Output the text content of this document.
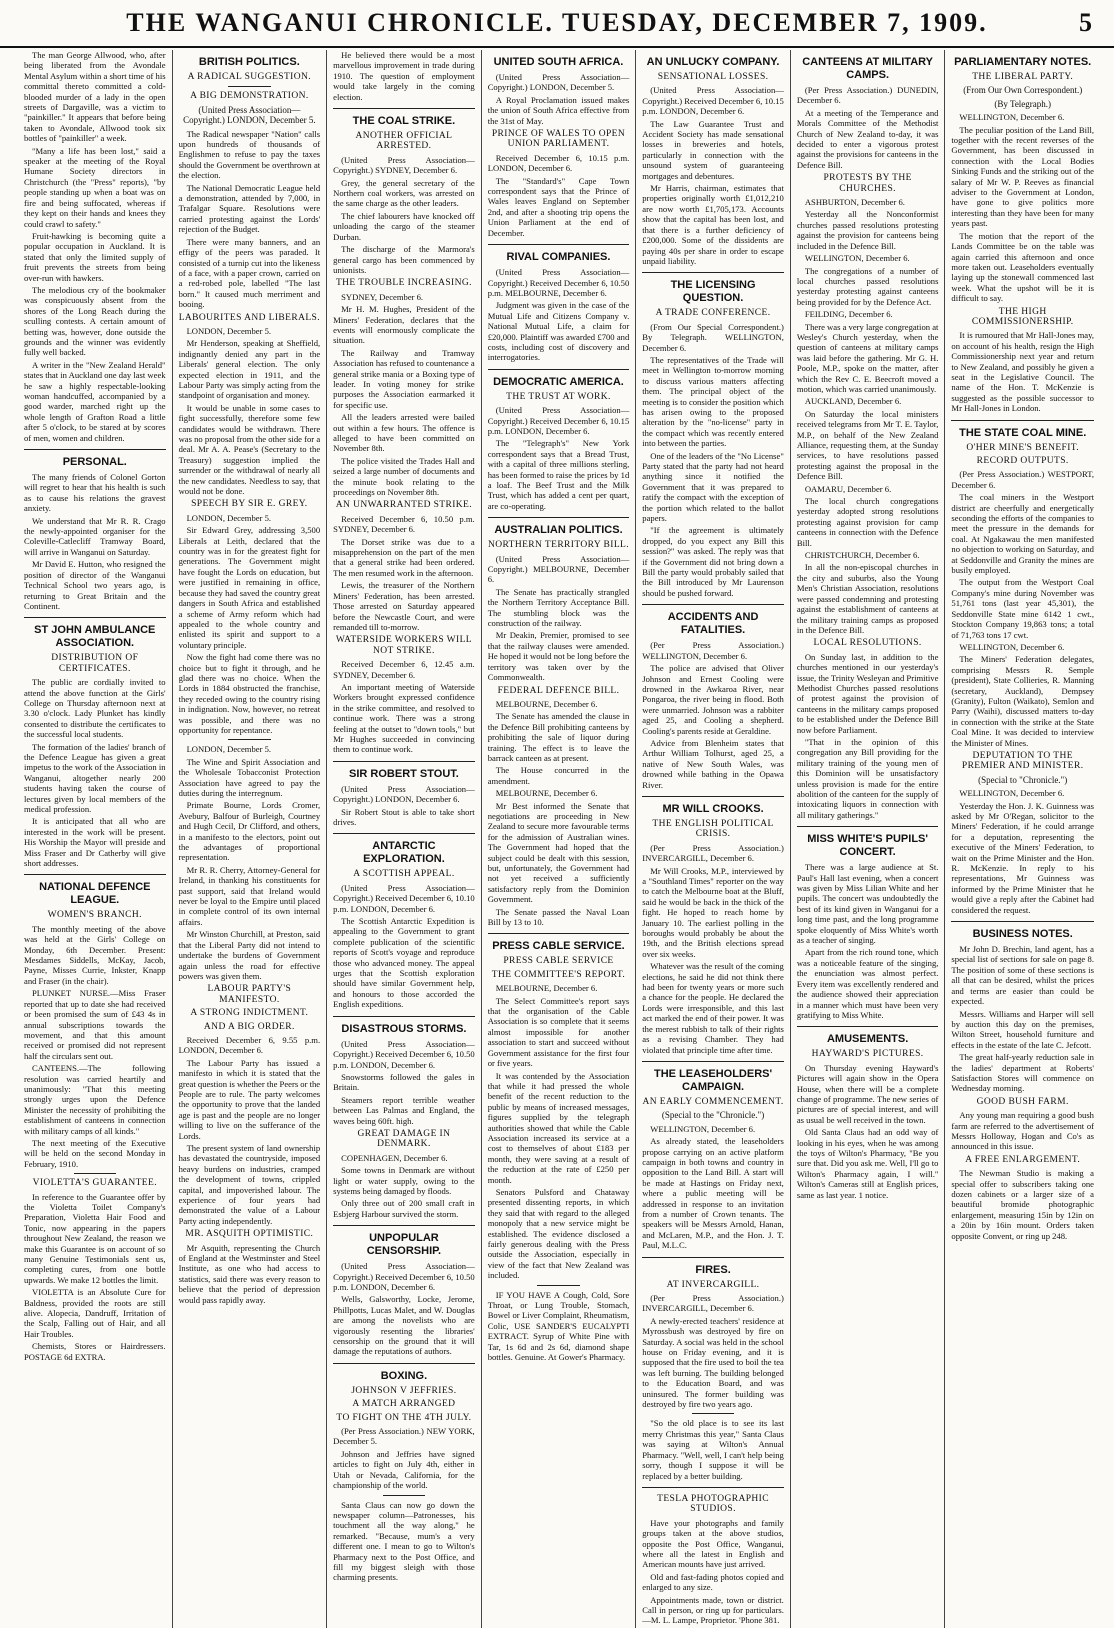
THE WANGANUI CHRONICLE. TUESDAY, DECEMBER 7, 1909.	5

The man George Allwood, who, after being liberated from the Avondale Mental Asylum within a short time of his committal thereto committed a cold-blooded murder of a lady in the open streets of Dargaville, was a victim to "painkiller." It appears that before being taken to Avondale, Allwood took six bottles of "painkiller" a week.

"Many a life has been lost," said a speaker at the meeting of the Royal Humane Society directors in Christchurch (the "Press" reports), "by people standing up when a boat was on fire and being suffocated, whereas if they kept on their hands and knees they could crawl to safety."

Fruit-hawking is becoming quite a popular occupation in Auckland. It is stated that only the limited supply of fruit prevents the streets from being over-run with hawkers.

The melodious cry of the bookmaker was conspicuously absent from the shores of the Long Reach during the sculling contests. A certain amount of betting was, however, done outside the grounds and the winner was evidently fully well backed.

A writer in the "New Zealand Herald" states that in Auckland one day last week he saw a highly respectable-looking woman handcuffed, accompanied by a good warder, marched right up the whole length of Grafton Road a little after 5 o'clock, to be stared at by scores of men, women and children.

PERSONAL.

The many friends of Colonel Gorton will regret to hear that his health is such as to cause his relations the gravest anxiety.

We understand that Mr R. R. Crago the newly-appointed organiser for the Coleville-Catlecliff Tramway Board, will arrive in Wanganui on Saturday.

Mr David E. Hutton, who resigned the position of director of the Wanganui Technical School two years ago, is returning to Great Britain and the Continent.

ST JOHN AMBULANCE ASSOCIATION.
DISTRIBUTION OF CERTIFICATES.

The public are cordially invited to attend the above function at the Girls' College on Thursday afternoon next at 3.30 o'clock. Lady Plunket has kindly consented to distribute the certificates to the successful local students.

The formation of the ladies' branch of the Defence League has given a great impetus to the work of the Association in Wanganui, altogether nearly 200 students having taken the course of lectures given by local members of the medical profession.

It is anticipated that all who are interested in the work will be present. His Worship the Mayor will preside and Miss Fraser and Dr Catherby will give short addresses.

NATIONAL DEFENCE LEAGUE.
WOMEN'S BRANCH.

The monthly meeting of the above was held at the Girls' College on Monday, 6th December. Present: Mesdames Siddells, McKay, Jacob, Payne, Misses Currie, Inkster, Knapp and Fraser (in the chair).

PLUNKET NURSE.—Miss Fraser reported that up to date she had received or been promised the sum of £43 4s in annual subscriptions towards the movement, and that this amount received or promised did not represent half the circulars sent out.

CANTEENS.—The following resolution was carried heartily and unanimously: "That this meeting strongly urges upon the Defence Minister the necessity of prohibiting the establishment of canteens in connection with military camps of all kinds."

The next meeting of the Executive will be held on the second Monday in February, 1910.

VIOLETTA'S GUARANTEE.

In reference to the Guarantee offer by the Violetta Toilet Company's Preparation, Violetta Hair Food and Tonic, now appearing in the papers throughout New Zealand, the reason we make this Guarantee is on account of so many Genuine Testimonials sent us, completing cures, from one bottle upwards. We make 12 bottles the limit.

VIOLETTA is an Absolute Cure for Baldness, provided the roots are still alive. Alopecia, Dandruff, Irritation of the Scalp, Falling out of Hair, and all Hair Troubles.

Chemists, Stores or Hairdressers. POSTAGE 6d EXTRA.

BRITISH POLITICS.
A RADICAL SUGGESTION.
A BIG DEMONSTRATION.
(United Press Association—Copyright.) LONDON, December 5.

The Radical newspaper "Nation" calls upon hundreds of thousands of Englishmen to refuse to pay the taxes should the Government be overthrown at the election.

The National Democratic League held a demonstration, attended by 7,000, in Trafalgar Square. Resolutions were carried protesting against the Lords' rejection of the Budget.

There were many banners, and an effigy of the peers was paraded. It consisted of a turnip cut into the likeness of a face, with a paper crown, carried on a red-robed pole, labelled "The last born." It caused much merriment and booing.

LABOURITES AND LIBERALS.

LONDON, December 5.

Mr Henderson, speaking at Sheffield, indignantly denied any part in the Liberals' general election. The only expected election in 1911, and the Labour Party was simply acting from the standpoint of organisation and money.

It would be unable in some cases to fight successfully, therefore some few candidates would be withdrawn. There was no proposal from the other side for a deal. Mr A. A. Pease's (Secretary to the Treasury) suggestion implied the surrender or the withdrawal of nearly all the new candidates. Needless to say, that would not be done.

SPEECH BY SIR E. GREY.

LONDON, December 5.

Sir Edward Grey, addressing 3,500 Liberals at Leith, declared that the country was in for the greatest fight for generations. The Government might have fought the Lords on education, but were justified in remaining in office, because they had saved the country great dangers in South Africa and established a scheme of Army reform which had appealed to the whole country and enlisted its spirit and support to a voluntary principle.

Now the fight had come there was no choice but to fight it through, and he glad there was no choice. When the Lords in 1884 obstructed the franchise, they receded owing to the country rising in indignation. Now, however, no retreat was possible, and there was no opportunity for repentance.

LONDON, December 5.

The Wine and Spirit Association and the Wholesale Tobacconist Protection Association have agreed to pay the duties during the interregnum.

Primate Bourne, Lords Cromer, Avebury, Balfour of Burleigh, Courtney and Hugh Cecil, Dr Clifford, and others, in a manifesto to the electors, point out the advantages of proportional representation.

Mr R. R. Cherry, Attorney-General for Ireland, in thanking his constituents for past support, said that Ireland would never be loyal to the Empire until placed in complete control of its own internal affairs.

Mr Winston Churchill, at Preston, said that the Liberal Party did not intend to undertake the burdens of Government again unless the road for effective powers was given them.

LABOUR PARTY'S MANIFESTO.
A STRONG INDICTMENT.
AND A BIG ORDER.

Received December 6, 9.55 p.m. LONDON, December 6.

The Labour Party has issued a manifesto in which it is stated that the great question is whether the Peers or the People are to rule. The party welcomes the opportunity to prove that the landed age is past and the people are no longer willing to live on the sufferance of the Lords.

The present system of land ownership has devastated the countryside, imposed heavy burdens on industries, cramped the development of towns, crippled capital, and impoverished labour. The experience of four years had demonstrated the value of a Labour Party acting independently.

MR. ASQUITH OPTIMISTIC.

Mr Asquith, representing the Church of England at the Westminster and Steel Institute, as one who had access to statistics, said there was every reason to believe that the period of depression would pass rapidly away.

He believed there would be a most marvellous improvement in trade during 1910. The question of employment would take largely in the coming election.

THE COAL STRIKE.
ANOTHER OFFICIAL ARRESTED.

(United Press Association—Copyright.) SYDNEY, December 6.

Grey, the general secretary of the Northern coal workers, was arrested on the same charge as the other leaders.

The chief labourers have knocked off unloading the cargo of the steamer Durban.

The discharge of the Marmora's general cargo has been commenced by unionists.

THE TROUBLE INCREASING.

SYDNEY, December 6.

Mr H. M. Hughes, President of the Miners' Federation, declares that the events will enormously complicate the situation.

The Railway and Tramway Association has refused to countenance a general strike mania or a Boxing type of leader. In voting money for strike purposes the Association earmarked it for specific use.

All the leaders arrested were bailed out within a few hours. The offence is alleged to have been committed on November 8th.

The police visited the Trades Hall and seized a large number of documents and the minute book relating to the proceedings on November 8th.

AN UNWARRANTED STRIKE.

Received December 6, 10.50 p.m. SYDNEY, December 6.

The Dorset strike was due to a misapprehension on the part of the men that a general strike had been ordered. The men resumed work in the afternoon.

Lewis, the treasurer of the Northern Miners' Federation, has been arrested. Those arrested on Saturday appeared before the Newcastle Court, and were remanded till to-morrow.

WATERSIDE WORKERS WILL NOT STRIKE.

Received December 6, 12.45 a.m. SYDNEY, December 6.

An important meeting of Waterside Workers brought expressed confidence in the strike committee, and resolved to continue work. There was a strong feeling at the outset to "down tools," but Mr Hughes succeeded in convincing them to continue work.

SIR ROBERT STOUT.

(United Press Association—Copyright.) LONDON, December 6.

Sir Robert Stout is able to take short drives.

ANTARCTIC EXPLORATION.
A SCOTTISH APPEAL.

(United Press Association—Copyright.) Received December 6, 10.10 p.m. LONDON, December 6.

The Scottish Antarctic Expedition is appealing to the Government to grant complete publication of the scientific reports of Scott's voyage and reproduce those who advanced money. The appeal urges that the Scottish exploration should have similar Government help, and honours to those accorded the English expeditions.

DISASTROUS STORMS.

(United Press Association—Copyright.) Received December 6, 10.50 p.m. LONDON, December 6.

Snowstorms followed the gales in Britain.

Steamers report terrible weather between Las Palmas and England, the waves being 60ft. high.

GREAT DAMAGE IN DENMARK.

COPENHAGEN, December 6.

Some towns in Denmark are without light or water supply, owing to the systems being damaged by floods.

Only three out of 200 small craft in Esbjerg Harbour survived the storm.

UNPOPULAR CENSORSHIP.

(United Press Association—Copyright.) Received December 6, 10.50 p.m. LONDON, December 6.

Wells, Galsworthy, Locke, Jerome, Phillpotts, Lucas Malet, and W. Douglas are among the novelists who are vigorously resenting the libraries' censorship on the ground that it will damage the reputations of authors.

BOXING.
JOHNSON V JEFFRIES.
A MATCH ARRANGED
TO FIGHT ON THE 4TH JULY.

(Per Press Association.) NEW YORK, December 5.

Johnson and Jeffries have signed articles to fight on July 4th, either in Utah or Nevada, California, for the championship of the world.

Santa Claus can now go down the newspaper column—Patronesses, his touchment all the way along," he remarked. "Because, mum's a very different one. I mean to go to Wilton's Pharmacy next to the Post Office, and fill my biggest sleigh with those charming presents.

UNITED SOUTH AFRICA.

(United Press Association—Copyright.) LONDON, December 5.

A Royal Proclamation issued makes the union of South Africa effective from the 31st of May.

PRINCE OF WALES TO OPEN UNION PARLIAMENT.

Received December 6, 10.15 p.m. LONDON, December 6.

The "Standard's" Cape Town correspondent says that the Prince of Wales leaves England on September 2nd, and after a shooting trip opens the Union Parliament at the end of December.

RIVAL COMPANIES.

(United Press Association—Copyright.) Received December 6, 10.50 p.m. MELBOURNE, December 6.

Judgment was given in the case of the Mutual Life and Citizens Company v. National Mutual Life, a claim for £20,000. Plaintiff was awarded £700 and costs, including cost of discovery and interrogatories.

DEMOCRATIC AMERICA.
THE TRUST AT WORK.

(United Press Association—Copyright.) Received December 6, 10.15 p.m. LONDON, December 6.

The "Telegraph's" New York correspondent says that a Bread Trust, with a capital of three millions sterling, has been formed to raise the prices by 1d a loaf. The Beef Trust and the Milk Trust, which has added a cent per quart, are co-operating.

AUSTRALIAN POLITICS.
NORTHERN TERRITORY BILL.

(United Press Association—Copyright.) MELBOURNE, December 6.

The Senate has practically strangled the Northern Territory Acceptance Bill. The stumbling block was the construction of the railway.

Mr Deakin, Premier, promised to see that the railway clauses were amended. He hoped it would not be long before the territory was taken over by the Commonwealth.

FEDERAL DEFENCE BILL.

MELBOURNE, December 6.

The Senate has amended the clause in the Defence Bill prohibiting canteens by prohibiting the sale of liquor during training. The effect is to leave the barrack canteen as at present.

The House concurred in the amendment.

MELBOURNE, December 6.

Mr Best informed the Senate that negotiations are proceeding in New Zealand to secure more favourable terms for the admission of Australian wines. The Government had hoped that the subject could be dealt with this session, but, unfortunately, the Government had not yet received a sufficiently satisfactory reply from the Dominion Government.

The Senate passed the Naval Loan Bill by 13 to 10.

PRESS CABLE SERVICE.
PRESS CABLE SERVICE
THE COMMITTEE'S REPORT.

MELBOURNE, December 6.

The Select Committee's report says that the organisation of the Cable Association is so complete that it seems almost impossible for another association to start and succeed without Government assistance for the first four or five years.

It was contended by the Association that while it had pressed the whole benefit of the recent reduction to the public by means of increased messages, figures supplied by the telegraph authorities showed that while the Cable Association increased its service at a cost to themselves of about £183 per month, they were saving at a result of the reduction at the rate of £250 per month.

Senators Pulsford and Chataway presented dissenting reports, in which they said that with regard to the alleged monopoly that a new service might be established. The evidence disclosed a fairly generous dealing with the Press outside the Association, especially in view of the fact that New Zealand was included.

IF YOU HAVE A Cough, Cold, Sore Throat, or Lung Trouble, Stomach, Bowel or Liver Complaint, Rheumatism, Colic, USE SANDER'S EUCALYPTI EXTRACT. Syrup of White Pine with Tar, 1s 6d and 2s 6d, diamond shape bottles. Genuine. At Gower's Pharmacy.

AN UNLUCKY COMPANY.
SENSATIONAL LOSSES.

(United Press Association—Copyright.) Received December 6, 10.15 p.m. LONDON, December 6.

The Law Guarantee Trust and Accident Society has made sensational losses in breweries and hotels, particularly in connection with the unsound system of guaranteeing mortgages and debentures.

Mr Harris, chairman, estimates that properties originally worth £1,012,210 are now worth £1,705,173. Accounts show that the capital has been lost, and that there is a further deficiency of £200,000. Some of the dissidents are paying 40s per share in order to escape unpaid liability.

THE LICENSING QUESTION.
A TRADE CONFERENCE.

(From Our Special Correspondent.) By Telegraph. WELLINGTON, December 6.

The representatives of the Trade will meet in Wellington to-morrow morning to discuss various matters affecting them. The principal object of the meeting is to consider the position which has arisen owing to the proposed alteration by the "no-license" party in the compact which was recently entered into between the parties.

One of the leaders of the "No License" Party stated that the party had not heard anything since it notified the Government that it was prepared to ratify the compact with the exception of the portion which related to the ballot papers.

"If the agreement is ultimately dropped, do you expect any Bill this session?" was asked. The reply was that if the Government did not bring down a Bill the party would probably sailed that the Bill introduced by Mr Laurenson should be pushed forward.

ACCIDENTS AND FATALITIES.

(Per Press Association.) WELLINGTON, December 6.

The police are advised that Oliver Johnson and Ernest Cooling were drowned in the Awkaroa River, near Pongaroa, the river being in flood. Both were unmarried. Johnson was a rabbiter aged 25, and Cooling a shepherd. Cooling's parents reside at Geraldine.

Advice from Blenheim states that Arthur William Tolhurst, aged 25, a native of New South Wales, was drowned while bathing in the Opawa River.

MR WILL CROOKS.
THE ENGLISH POLITICAL CRISIS.

(Per Press Association.) INVERCARGILL, December 6.

Mr Will Crooks, M.P., interviewed by a "Southland Times" reporter on the way to catch the Melbourne boat at the Bluff, said he would be back in the thick of the fight. He hoped to reach home by January 10. The earliest polling in the boroughs would probably be about the 19th, and the British elections spread over six weeks.

Whatever was the result of the coming elections, he said he did not think there had been for twenty years or more such a chance for the people. He declared the Lords were irresponsible, and this last act marked the end of their power. It was the merest rubbish to talk of their rights as a revising Chamber. They had violated that principle time after time.

THE LEASEHOLDERS' CAMPAIGN.
AN EARLY COMMENCEMENT.
(Special to the "Chronicle.")

WELLINGTON, December 6.

As already stated, the leaseholders propose carrying on an active platform campaign in both towns and country in opposition to the Land Bill. A start will be made at Hastings on Friday next, where a public meeting will be addressed in response to an invitation from a number of Crown tenants. The speakers will be Messrs Arnold, Hanan, and McLaren, M.P., and the Hon. J. T. Paul, M.L.C.

FIRES.
AT INVERCARGILL.

(Per Press Association.) INVERCARGILL, December 6.

A newly-erected teachers' residence at Myrossbush was destroyed by fire on Saturday. A social was held in the school house on Friday evening, and it is supposed that the fire used to boil the tea was left burning. The building belonged to the Education Board, and was uninsured. The former building was destroyed by fire two years ago.

"So the old place is to see its last merry Christmas this year," Santa Claus was saying at Wilton's Annual Pharmacy. "Well, well, I can't help being sorry, though I suppose it will be replaced by a better building.

TESLA PHOTOGRAPHIC STUDIOS.

Have your photographs and family groups taken at the above studios, opposite the Post Office, Wanganui, where all the latest in English and American mounts have just arrived.

Old and fast-fading photos copied and enlarged to any size.

Appointments made, town or district. Call in person, or ring up for particulars.—M. L. Lampe, Proprietor. 'Phone 381.

CANTEENS AT MILITARY CAMPS.

(Per Press Association.) DUNEDIN, December 6.

At a meeting of the Temperance and Morals Committee of the Methodist Church of New Zealand to-day, it was decided to enter a vigorous protest against the provisions for canteens in the Defence Bill.

PROTESTS BY THE CHURCHES.

ASHBURTON, December 6.

Yesterday all the Nonconformist churches passed resolutions protesting against the provision for canteens being included in the Defence Bill.

WELLINGTON, December 6.

The congregations of a number of local churches passed resolutions yesterday protesting against canteens being provided for by the Defence Act.

FEILDING, December 6.

There was a very large congregation at Wesley's Church yesterday, when the question of canteens at military camps was laid before the gathering. Mr G. H. Poole, M.P., spoke on the matter, after which the Rev C. E. Beecroft moved a motion, which was carried unanimously.

AUCKLAND, December 6.

On Saturday the local ministers received telegrams from Mr T. E. Taylor, M.P., on behalf of the New Zealand Alliance, requesting them, at the Sunday services, to have resolutions passed protesting against the proposal in the Defence Bill.

OAMARU, December 6.

The local church congregations yesterday adopted strong resolutions protesting against provision for camp canteens in connection with the Defence Bill.

CHRISTCHURCH, December 6.

In all the non-episcopal churches in the city and suburbs, also the Young Men's Christian Association, resolutions were passed condemning and protesting against the establishment of canteens at the military training camps as proposed in the Defence Bill.

LOCAL RESOLUTIONS.

On Sunday last, in addition to the churches mentioned in our yesterday's issue, the Trinity Wesleyan and Primitive Methodist Churches passed resolutions of protest against the provision of canteens in the military camps proposed to be established under the Defence Bill now before Parliament.

"That in the opinion of this congregation any Bill providing for the military training of the young men of this Dominion will be unsatisfactory unless provision is made for the entire abolition of the canteen for the supply of intoxicating liquors in connection with all military gatherings."

MISS WHITE'S PUPILS' CONCERT.

There was a large audience at St. Paul's Hall last evening, when a concert was given by Miss Lilian White and her pupils. The concert was undoubtedly the best of its kind given in Wanganui for a long time past, and the long programme spoke eloquently of Miss White's worth as a teacher of singing.

Apart from the rich round tone, which was a noticeable feature of the singing, the enunciation was almost perfect. Every item was excellently rendered and the audience showed their appreciation in a manner which must have been very gratifying to Miss White.

AMUSEMENTS.
HAYWARD'S PICTURES.

On Thursday evening Hayward's Pictures will again show in the Opera House, when there will be a complete change of programme. The new series of pictures are of special interest, and will as usual be well received in the town.

Old Santa Claus had an odd way of looking in his eyes, when he was among the toys of Wilton's Pharmacy, "Be you sure that. Did you ask me. Well, I'll go to Wilton's Pharmacy again, I will." Wilton's Cameras still at English prices, same as last year. 1 notice.

PARLIAMENTARY NOTES.
THE LIBERAL PARTY.
(From Our Own Correspondent.)
(By Telegraph.)

WELLINGTON, December 6.

The peculiar position of the Land Bill, together with the recent reverses of the Government, has been discussed in connection with the Local Bodies Sinking Funds and the striking out of the salary of Mr W. P. Reeves as financial adviser to the Government at London, have gone to give politics more interesting than they have been for many years past.

The motion that the report of the Lands Committee be on the table was again carried this afternoon and once more taken out. Leaseholders eventually laying up the stonewall commenced last week. What the upshot will be it is difficult to say.

THE HIGH COMMISSIONERSHIP.

It is rumoured that Mr Hall-Jones may, on account of his health, resign the High Commissionership next year and return to New Zealand, and possibly he given a seat in the Legislative Council. The name of the Hon. T. McKenzie is suggested as the possible successor to Mr Hall-Jones in London.

THE STATE COAL MINE.
O'HER MINE'S BENEFIT.
RECORD OUTPUTS.

(Per Press Association.) WESTPORT, December 6.

The coal miners in the Westport district are cheerfully and energetically seconding the efforts of the companies to meet the pressure in the demands for coal. At Ngakawau the men manifested no objection to working on Saturday, and at Seddonville and Granity the mines are busily employed.

The output from the Westport Coal Company's mine during November was 51,761 tons (last year 45,301), the Seddonville State mine 6142 1 cwt., Stockton Company 19,863 tons; a total of 71,763 tons 17 cwt.

WELLINGTON, December 6.

The Miners' Federation delegates, comprising Messrs R. Semple (president), State Collieries, R. Manning (secretary, Auckland), Dempsey (Granity), Fulton (Waikato), Semlon and Parry (Waihi), discussed matters to-day in connection with the strike at the State Coal Mine. It was decided to interview the Minister of Mines.

DEPUTATION TO THE PREMIER AND MINISTER.
(Special to "Chronicle.")

WELLINGTON, December 6.

Yesterday the Hon. J. K. Guinness was asked by Mr O'Regan, solicitor to the Miners' Federation, if he could arrange for a deputation, representing the executive of the Miners' Federation, to wait on the Prime Minister and the Hon. R. McKenzie. In reply to his representations, Mr Guinness was informed by the Prime Minister that he would give a reply after the Cabinet had considered the request.

BUSINESS NOTES.

Mr John D. Brechin, land agent, has a special list of sections for sale on page 8. The position of some of these sections is all that can be desired, whilst the prices and terms are easier than could be expected.

Messrs. Williams and Harper will sell by auction this day on the premises, Wilton Street, household furniture and effects in the estate of the late C. Jefcott.

The great half-yearly reduction sale in the ladies' department at Roberts' Satisfaction Stores will commence on Wednesday morning.

GOOD BUSH FARM.

Any young man requiring a good bush farm are referred to the advertisement of Messrs Holloway, Hogan and Co's as announced in this issue.

A FREE ENLARGEMENT.

The Newman Studio is making a special offer to subscribers taking one dozen cabinets or a larger size of a beautiful bromide photographic enlargement, measuring 15in by 12in on a 20in by 16in mount. Orders taken opposite Convent, or ring up 248.
